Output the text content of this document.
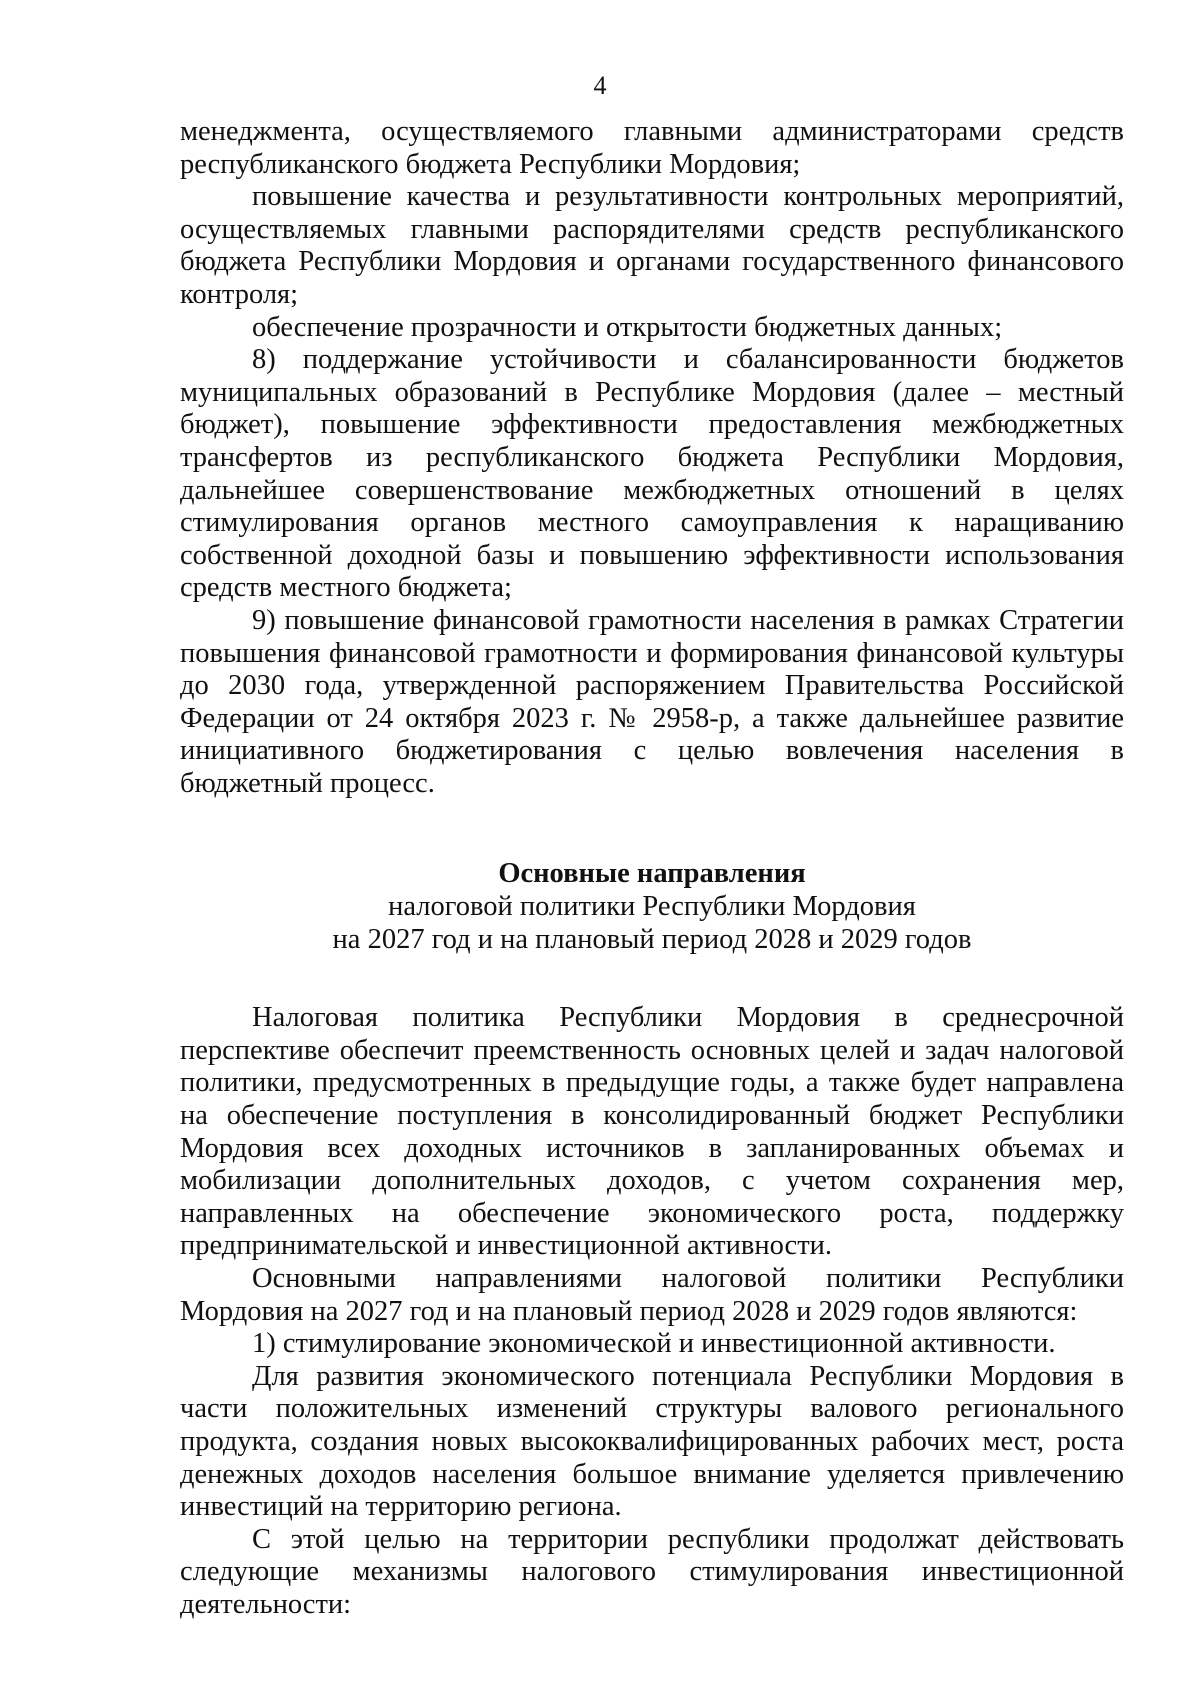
4

менеджмента, осуществляемого главными администраторами средств республиканского бюджета Республики Мордовия;

повышение качества и результативности контрольных мероприятий, осуществляемых главными распорядителями средств республиканского бюджета Республики Мордовия и органами государственного финансового контроля;

обеспечение прозрачности и открытости бюджетных данных;

8) поддержание устойчивости и сбалансированности бюджетов муниципальных образований в Республике Мордовия (далее – местный бюджет), повышение эффективности предоставления межбюджетных трансфертов из республиканского бюджета Республики Мордовия, дальнейшее совершенствование межбюджетных отношений в целях стимулирования органов местного самоуправления к наращиванию собственной доходной базы и повышению эффективности использования средств местного бюджета;

9) повышение финансовой грамотности населения в рамках Стратегии повышения финансовой грамотности и формирования финансовой культуры до 2030 года, утвержденной распоряжением Правительства Российской Федерации от 24 октября 2023 г. № 2958-р, а также дальнейшее развитие инициативного бюджетирования с целью вовлечения населения в бюджетный процесс.

Основные направления
налоговой политики Республики Мордовия
на 2027 год и на плановый период 2028 и 2029 годов

Налоговая политика Республики Мордовия в среднесрочной перспективе обеспечит преемственность основных целей и задач налоговой политики, предусмотренных в предыдущие годы, а также будет направлена на обеспечение поступления в консолидированный бюджет Республики Мордовия всех доходных источников в запланированных объемах и мобилизации дополнительных доходов, с учетом сохранения мер, направленных на обеспечение экономического роста, поддержку предпринимательской и инвестиционной активности.

Основными направлениями налоговой политики Республики Мордовия на 2027 год и на плановый период 2028 и 2029 годов являются:

1) стимулирование экономической и инвестиционной активности.

Для развития экономического потенциала Республики Мордовия в части положительных изменений структуры валового регионального продукта, создания новых высококвалифицированных рабочих мест, роста денежных доходов населения большое внимание уделяется привлечению инвестиций на территорию региона.

С этой целью на территории республики продолжат действовать следующие механизмы налогового стимулирования инвестиционной деятельности:
